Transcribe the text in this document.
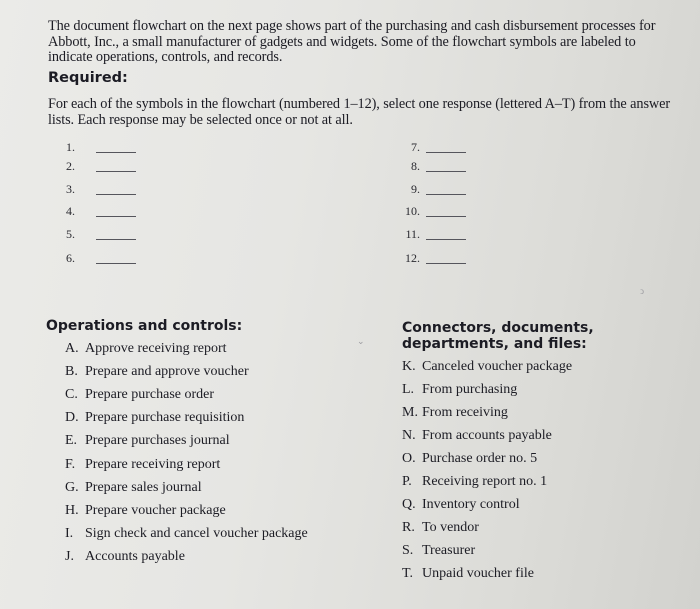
The document flowchart on the next page shows part of the purchasing and cash disbursement processes for Abbott, Inc., a small manufacturer of gadgets and widgets. Some of the flowchart symbols are labeled to indicate operations, controls, and records.
Required:
For each of the symbols in the flowchart (numbered 1–12), select one response (lettered A–T) from the answer lists. Each response may be selected once or not at all.
1.
2.
3.
4.
5.
6.
7.
8.
9.
10.
11.
12.
Operations and controls:
A. Approve receiving report
B. Prepare and approve voucher
C. Prepare purchase order
D. Prepare purchase requisition
E. Prepare purchases journal
F. Prepare receiving report
G. Prepare sales journal
H. Prepare voucher package
I. Sign check and cancel voucher package
J. Accounts payable
Connectors, documents,
departments, and files:
K. Canceled voucher package
L. From purchasing
M. From receiving
N. From accounts payable
O. Purchase order no. 5
P. Receiving report no. 1
Q. Inventory control
R. To vendor
S. Treasurer
T. Unpaid voucher file
ↄ
⌄
